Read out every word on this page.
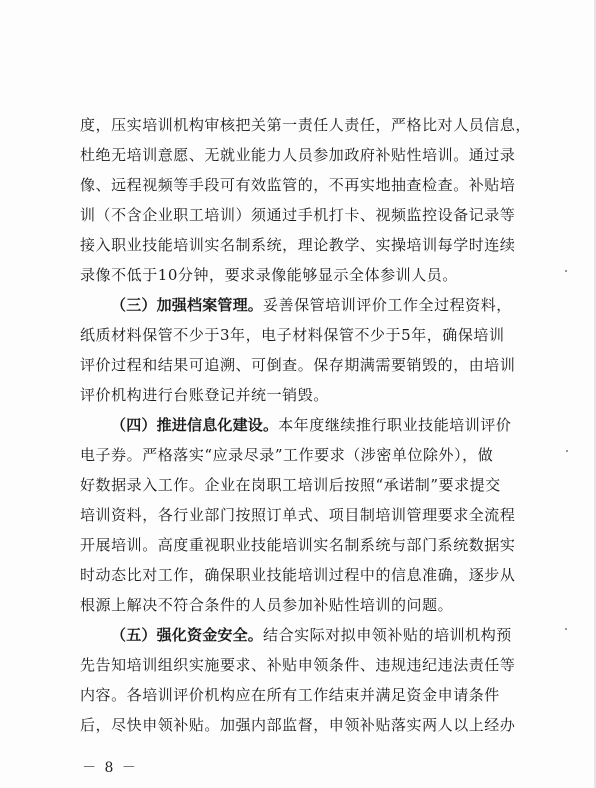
度，压实培训机构审核把关第一责任人责任，严格比对人员信息，
杜绝无培训意愿、无就业能力人员参加政府补贴性培训。通过录
像、远程视频等手段可有效监管的，不再实地抽查检查。补贴培
训（不含企业职工培训）须通过手机打卡、视频监控设备记录等
接入职业技能培训实名制系统，理论教学、实操培训每学时连续
录像不低于10分钟，要求录像能够显示全体参训人员。
（三）加强档案管理。妥善保管培训评价工作全过程资料，
纸质材料保管不少于3年，电子材料保管不少于5年，确保培训
评价过程和结果可追溯、可倒查。保存期满需要销毁的，由培训
评价机构进行台账登记并统一销毁。
（四）推进信息化建设。本年度继续推行职业技能培训评价
电子券。严格落实“应录尽录”工作要求（涉密单位除外），做
好数据录入工作。企业在岗职工培训后按照“承诺制”要求提交
培训资料，各行业部门按照订单式、项目制培训管理要求全流程
开展培训。高度重视职业技能培训实名制系统与部门系统数据实
时动态比对工作，确保职业技能培训过程中的信息准确，逐步从
根源上解决不符合条件的人员参加补贴性培训的问题。
（五）强化资金安全。结合实际对拟申领补贴的培训机构预
先告知培训组织实施要求、补贴申领条件、违规违纪违法责任等
内容。各培训评价机构应在所有工作结束并满足资金申请条件
后，尽快申领补贴。加强内部监督，申领补贴落实两人以上经办
－ 8 －
